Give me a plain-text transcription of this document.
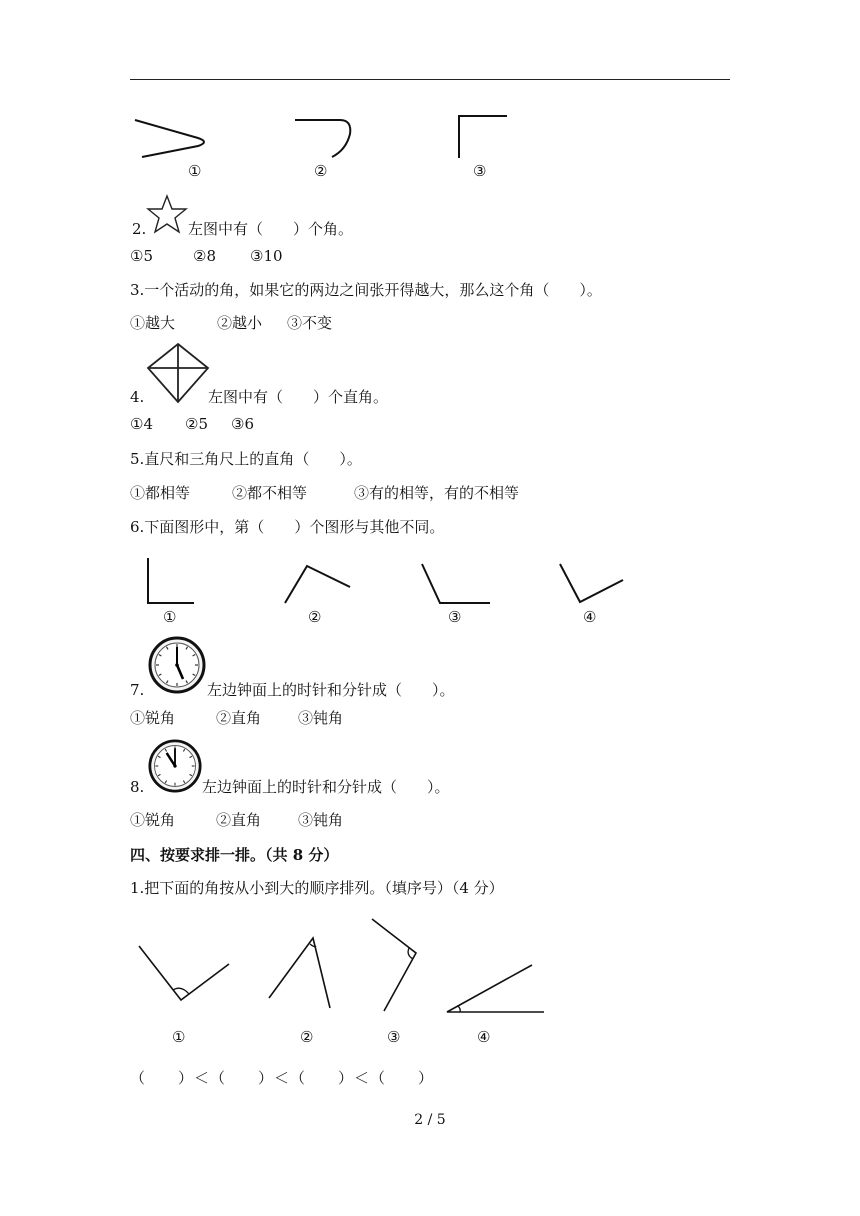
①	②	③
2.	左图中有（　　）个角。
①5	②8 ③10
3.一个活动的角，如果它的两边之间张开得越大，那么这个角（　　）。
①越大	②越小 ③不变
4.	左图中有（　　）个直角。
①4 ②5 ③6
5.直尺和三角尺上的直角（　　）。
①都相等	②都不相等	③有的相等，有的不相等
6.下面图形中，第（　　）个图形与其他不同。
①	②	③	④
7.	左边钟面上的时针和分针成（　　）。
①锐角	②直角 ③钝角
8.	左边钟面上的时针和分针成（　　）。
①锐角	②直角 ③钝角
四、按要求排一排。（共 8 分）
1.把下面的角按从小到大的顺序排列。（填序号）（4 分）
①	②	③	④
（　　）＜（　　）＜（　　）＜（　　）
2 / 5
